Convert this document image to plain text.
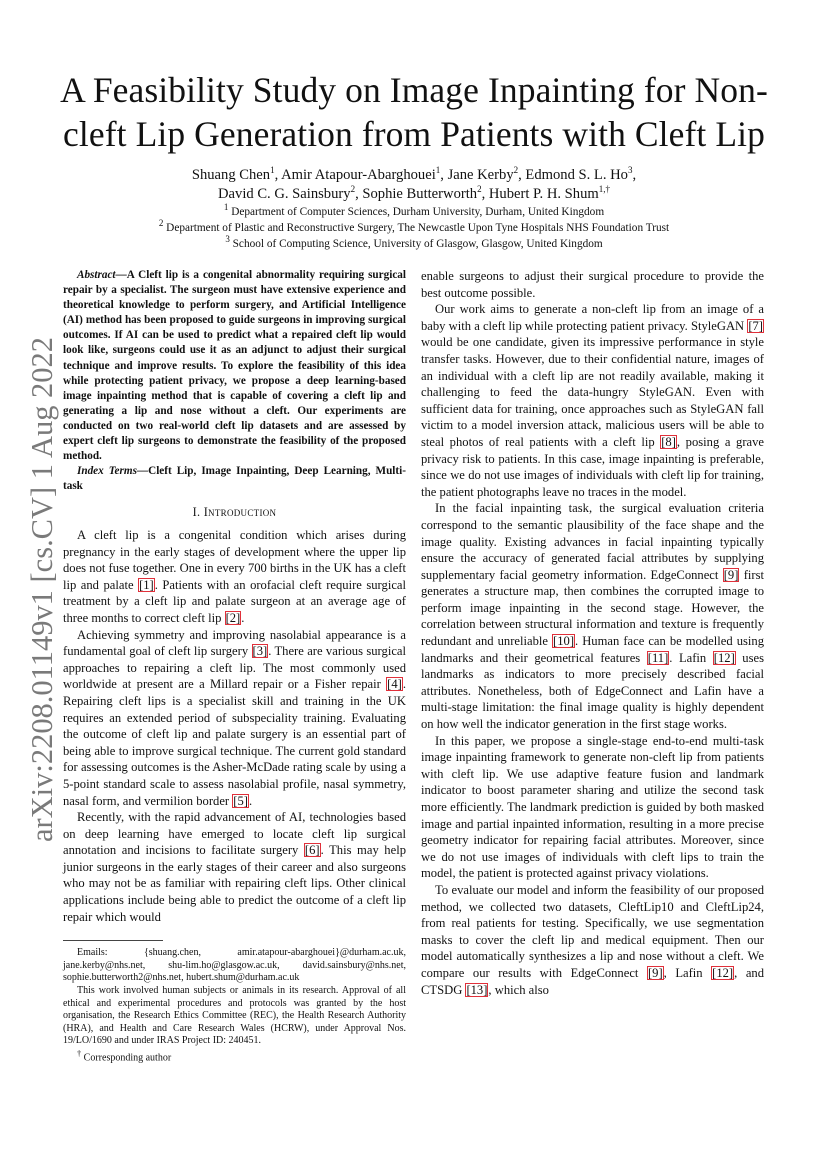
arXiv:2208.01149v1 [cs.CV] 1 Aug 2022
A Feasibility Study on Image Inpainting for Non-
cleft Lip Generation from Patients with Cleft Lip
Shuang Chen$^1$, Amir Atapour-Abarghouei$^1$, Jane Kerby$^2$, Edmond S. L. Ho$^3$,
David C. G. Sainsbury$^2$, Sophie Butterworth$^2$, Hubert P. H. Shum$^{1,\dagger}$
$^1$ Department of Computer Sciences, Durham University, Durham, United Kingdom
$^2$ Department of Plastic and Reconstructive Surgery, The Newcastle Upon Tyne Hospitals NHS Foundation Trust
$^3$ School of Computing Science, University of Glasgow, Glasgow, United Kingdom

Abstract—A Cleft lip is a congenital abnormality requiring surgical repair by a specialist. The surgeon must have extensive experience and theoretical knowledge to perform surgery, and Artificial Intelligence (AI) method has been proposed to guide surgeons in improving surgical outcomes. If AI can be used to predict what a repaired cleft lip would look like, surgeons could use it as an adjunct to adjust their surgical technique and improve results. To explore the feasibility of this idea while protecting patient privacy, we propose a deep learning-based image inpainting method that is capable of covering a cleft lip and generating a lip and nose without a cleft. Our experiments are conducted on two real-world cleft lip datasets and are assessed by expert cleft lip surgeons to demonstrate the feasibility of the proposed method.

Index Terms—Cleft Lip, Image Inpainting, Deep Learning, Multi-task

I. Introduction

A cleft lip is a congenital condition which arises during pregnancy in the early stages of development where the upper lip does not fuse together. One in every 700 births in the UK has a cleft lip and palate [1]. Patients with an orofacial cleft require surgical treatment by a cleft lip and palate surgeon at an average age of three months to correct cleft lip [2].

Achieving symmetry and improving nasolabial appearance is a fundamental goal of cleft lip surgery [3]. There are various surgical approaches to repairing a cleft lip. The most commonly used worldwide at present are a Millard repair or a Fisher repair [4]. Repairing cleft lips is a specialist skill and training in the UK requires an extended period of subspeciality training. Evaluating the outcome of cleft lip and palate surgery is an essential part of being able to improve surgical technique. The current gold standard for assessing outcomes is the Asher-McDade rating scale by using a 5-point standard scale to assess nasolabial profile, nasal symmetry, nasal form, and vermilion border [5].

Recently, with the rapid advancement of AI, technologies based on deep learning have emerged to locate cleft lip surgical annotation and incisions to facilitate surgery [6]. This may help junior surgeons in the early stages of their career and also surgeons who may not be as familiar with repairing cleft lips. Other clinical applications include being able to predict the outcome of a cleft lip repair which would

Emails: {shuang.chen, amir.atapour-abarghouei}@durham.ac.uk, jane.kerby@nhs.net, shu-lim.ho@glasgow.ac.uk, david.sainsbury@nhs.net, sophie.butterworth2@nhs.net, hubert.shum@durham.ac.uk

This work involved human subjects or animals in its research. Approval of all ethical and experimental procedures and protocols was granted by the host organisation, the Research Ethics Committee (REC), the Health Research Authority (HRA), and Health and Care Research Wales (HCRW), under Approval Nos. 19/LO/1690 and under IRAS Project ID: 240451.

† Corresponding author

enable surgeons to adjust their surgical procedure to provide the best outcome possible.

Our work aims to generate a non-cleft lip from an image of a baby with a cleft lip while protecting patient privacy. StyleGAN [7] would be one candidate, given its impressive performance in style transfer tasks. However, due to their confidential nature, images of an individual with a cleft lip are not readily available, making it challenging to feed the data-hungry StyleGAN. Even with sufficient data for training, once approaches such as StyleGAN fall victim to a model inversion attack, malicious users will be able to steal photos of real patients with a cleft lip [8], posing a grave privacy risk to patients. In this case, image inpainting is preferable, since we do not use images of individuals with cleft lip for training, the patient photographs leave no traces in the model.

In the facial inpainting task, the surgical evaluation criteria correspond to the semantic plausibility of the face shape and the image quality. Existing advances in facial inpainting typically ensure the accuracy of generated facial attributes by supplying supplementary facial geometry information. EdgeConnect [9] first generates a structure map, then combines the corrupted image to perform image inpainting in the second stage. However, the correlation between structural information and texture is frequently redundant and unreliable [10]. Human face can be modelled using landmarks and their geometrical features [11]. Lafin [12] uses landmarks as indicators to more precisely described facial attributes. Nonetheless, both of EdgeConnect and Lafin have a multi-stage limitation: the final image quality is highly dependent on how well the indicator generation in the first stage works.

In this paper, we propose a single-stage end-to-end multi-task image inpainting framework to generate non-cleft lip from patients with cleft lip. We use adaptive feature fusion and landmark indicator to boost parameter sharing and utilize the second task more efficiently. The landmark prediction is guided by both masked image and partial inpainted information, resulting in a more precise geometry indicator for repairing facial attributes. Moreover, since we do not use images of individuals with cleft lips to train the model, the patient is protected against privacy violations.

To evaluate our model and inform the feasibility of our proposed method, we collected two datasets, CleftLip10 and CleftLip24, from real patients for testing. Specifically, we use segmentation masks to cover the cleft lip and medical equipment. Then our model automatically synthesizes a lip and nose without a cleft. We compare our results with EdgeConnect [9], Lafin [12], and CTSDG [13], which also
